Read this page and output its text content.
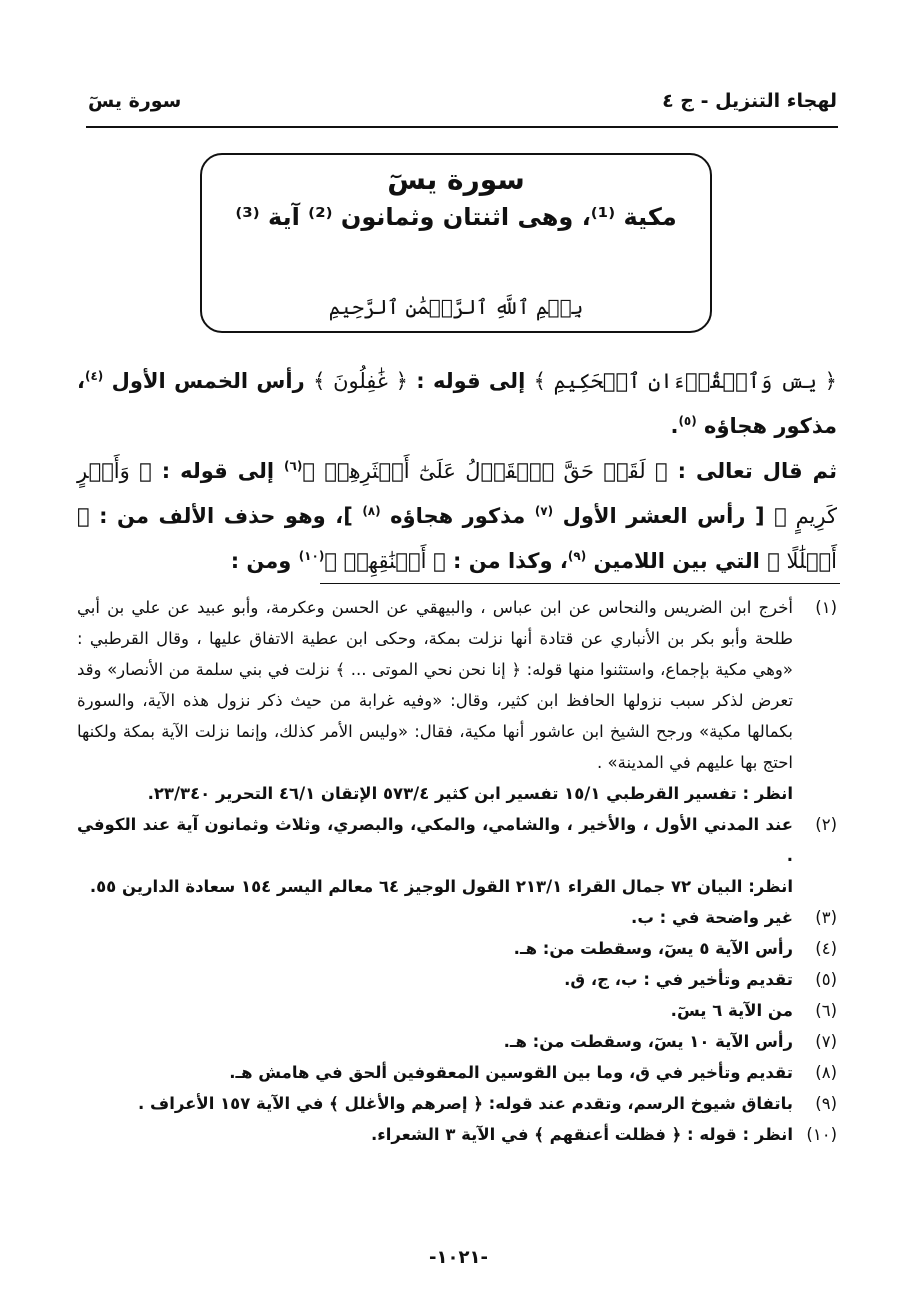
لهجاء التنزيل - ج ٤
سورة يسٓ
سورة يسٓ
مكية ⁽¹⁾، وهى اثنتان وثمانون ⁽²⁾ آية ⁽³⁾
بِسۡمِ ٱللَّهِ ٱلرَّحۡمَٰنِ ٱلرَّحِيمِ
﴿ يسٓ وَٱلۡقُرۡءَانِ ٱلۡحَكِيمِ ﴾ إلى قوله : ﴿ غَٰفِلُونَ ﴾ رأس الخمس الأول $^{(٤)}$، مذكور هجاؤه $^{(٥)}$.
ثم قال تعالى : ﴿ لَقَدۡ حَقَّ ٱلۡقَوۡلُ عَلَىٰٓ أَكۡثَرِهِمۡ ﴾$^{(٦)}$ إلى قوله : ﴿ وَأَجۡرٍ كَرِيمٍ ﴾ [ رأس العشر الأول $^{(٧)}$ مذكور هجاؤه $^{(٨)}$ ]، وهو حذف الألف من : ﴿ أَغۡلَٰلًا ﴾ التي بين اللامين $^{(٩)}$، وكذا من : ﴿ أَعۡنَٰقِهِمۡ ﴾$^{(١٠)}$ ومن :
(١)
أخرج ابن الضريس والنحاس عن ابن عباس ، والبيهقي عن الحسن وعكرمة، وأبو عبيد عن علي بن أبي طلحة وأبو بكر بن الأنباري عن قتادة أنها نزلت بمكة، وحكى ابن عطية الاتفاق عليها ، وقال القرطبي : «وهي مكية بإجماع، واستثنوا منها قوله: ﴿ إنا نحن نحي الموتى ... ﴾ نزلت في بني سلمة من الأنصار» وقد تعرض لذكر سبب نزولها الحافظ ابن كثير، وقال: «وفيه غرابة من حيث ذكر نزول هذه الآية، والسورة بكمالها مكية» ورجح الشيخ ابن عاشور أنها مكية، فقال: «وليس الأمر كذلك، وإنما نزلت الآية بمكة ولكنها احتج بها عليهم في المدينة» .
انظر : تفسير القرطبي ١٥/١ تفسير ابن كثير ٥٧٣/٤ الإتقان ٤٦/١ التحرير ٢٣/٣٤٠.
(٢)
عند المدني الأول ، والأخير ، والشامي، والمكي، والبصري، وثلاث وثمانون آية عند الكوفي .
انظر: البيان ٧٢ جمال القراء ٢١٣/١ القول الوجيز ٦٤ معالم اليسر ١٥٤ سعادة الدارين ٥٥.
(٣)
غير واضحة في : ب.
(٤)
رأس الآية ٥ يسٓ، وسقطت من: هـ.
(٥)
تقديم وتأخير في : ب، ج، ق.
(٦)
من الآية ٦ يسٓ.
(٧)
رأس الآية ١٠ يسٓ، وسقطت من: هـ.
(٨)
تقديم وتأخير في ق، وما بين القوسين المعقوفين ألحق في هامش هـ.
(٩)
باتفاق شيوخ الرسم، وتقدم عند قوله: ﴿ إصرهم والأغلل ﴾ في الآية ١٥٧ الأعراف .
(١٠)
انظر : قوله : ﴿ فظلت أعنقهم ﴾ في الآية ٣ الشعراء.
-١٠٢١-
